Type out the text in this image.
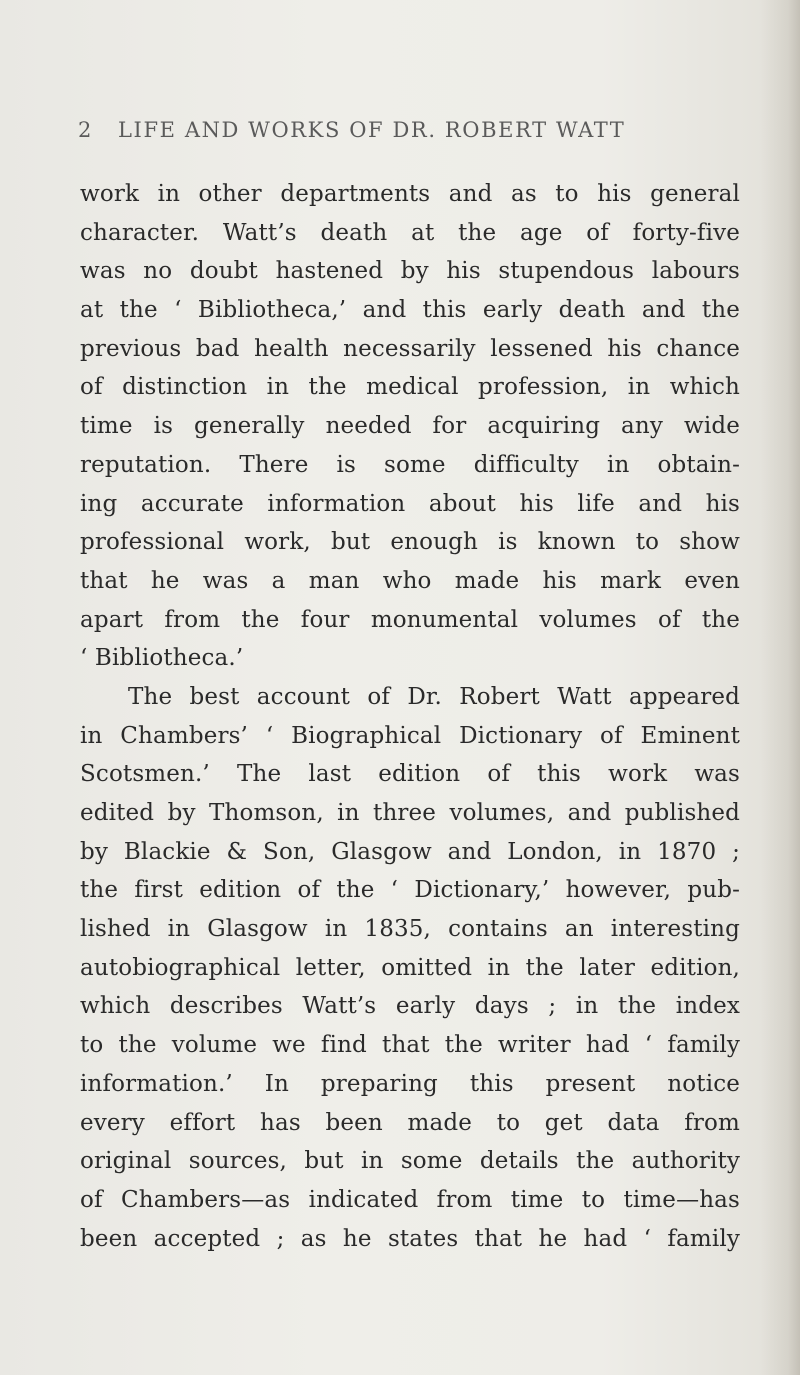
2 LIFE AND WORKS OF DR. ROBERT WATT
work in other departments and as to his general
character. Watt’s death at the age of forty-five
was no doubt hastened by his stupendous labours
at the ‘ Bibliotheca,’ and this early death and the
previous bad health necessarily lessened his chance
of distinction in the medical profession, in which
time is generally needed for acquiring any wide
reputation. There is some difficulty in obtain-
ing accurate information about his life and his
professional work, but enough is known to show
that he was a man who made his mark even
apart from the four monumental volumes of the
‘ Bibliotheca.’
The best account of Dr. Robert Watt appeared
in Chambers’ ‘ Biographical Dictionary of Eminent
Scotsmen.’ The last edition of this work was
edited by Thomson, in three volumes, and published
by Blackie & Son, Glasgow and London, in 1870 ;
the first edition of the ‘ Dictionary,’ however, pub-
lished in Glasgow in 1835, contains an interesting
autobiographical letter, omitted in the later edition,
which describes Watt’s early days ; in the index
to the volume we find that the writer had ‘ family
information.’ In preparing this present notice
every effort has been made to get data from
original sources, but in some details the authority
of Chambers—as indicated from time to time—has
been accepted ; as he states that he had ‘ family
